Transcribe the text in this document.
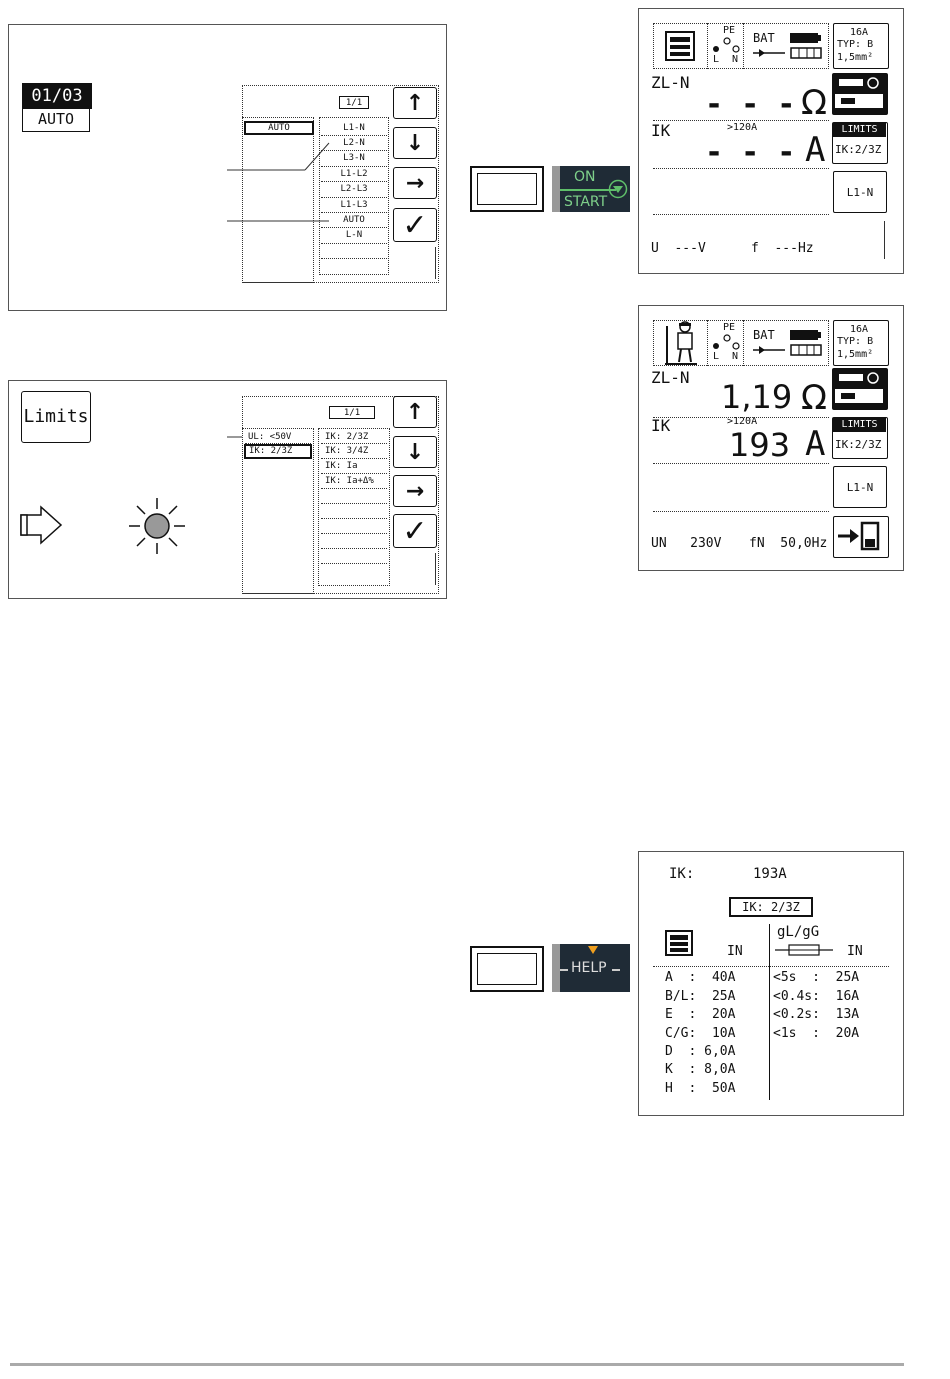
01/03
AUTO
1/1
AUTO	L1-N
L2-N
L3-N
L1-L2
L2-L3
L1-L3
AUTO
L-N
↑
↓
→
✓
Limits	1/1
UL: <50V
IK: 2/3Z
IK: 2/3Z
IK: 3/4Z
IK: Ia
IK: Ia+Δ%
↑
↓
→
✓
ON
START
HELP
PE
L N
BAT	16A
TYP: B
1,5mm²
ZL-N
- - - Ω
IK	>120A
- - - A
LIMITS
IK:2/3Z
L1-N
U  ---V	f  ---Hz
PE
L N
BAT	16A
TYP: B
1,5mm²
ZL-N
1,19 Ω
IK	>120A
193 A	LIMITS
IK:2/3Z
L1-N
UN   230V fN  50,0Hz
IK:	193A
IK: 2/3Z
IN
gL/gG
IN
A  :  40A
B/L:  25A
E  :  20A
C/G:  10A
D  : 6,0A
K  : 8,0A
H  :  50A
<5s  :  25A
<0.4s:  16A
<0.2s:  13A
<1s  :  20A
